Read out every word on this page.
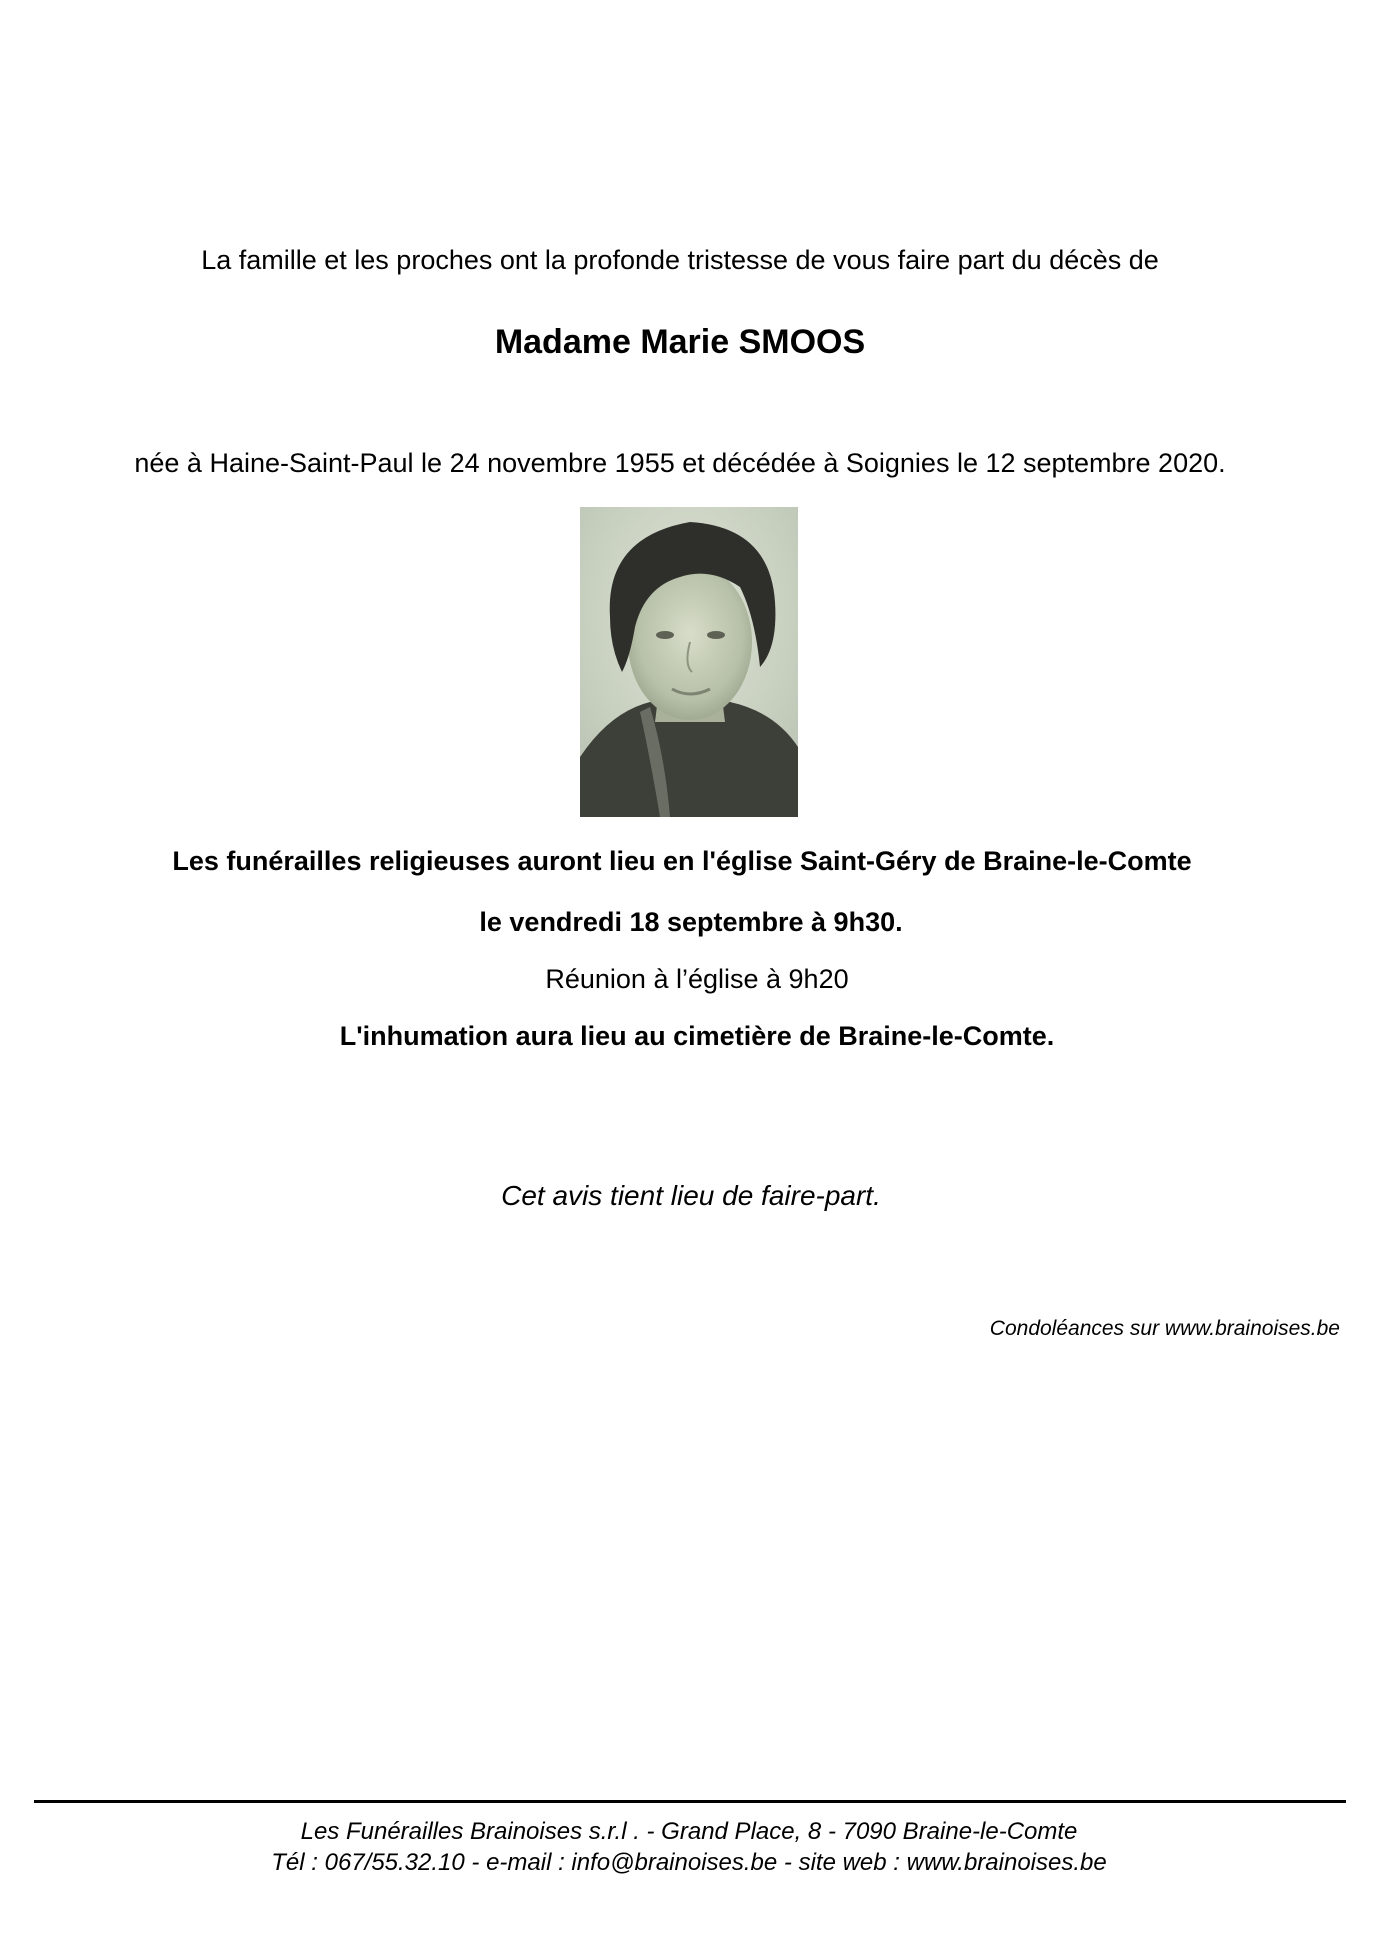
La famille et les proches ont la profonde tristesse de vous faire part du décès de
Madame Marie SMOOS
née à Haine-Saint-Paul le 24 novembre 1955 et décédée à Soignies le 12 septembre 2020.
Les funérailles religieuses auront lieu en l'église Saint-Géry de Braine-le-Comte
le vendredi 18 septembre à 9h30.
Réunion à l’église à 9h20
L'inhumation aura lieu au cimetière de Braine-le-Comte.
Cet avis tient lieu de faire-part.
Condoléances sur www.brainoises.be
Les Funérailles Brainoises s.r.l . - Grand Place, 8 - 7090 Braine-le-Comte
Tél : 067/55.32.10 - e-mail : info@brainoises.be - site web : www.brainoises.be
